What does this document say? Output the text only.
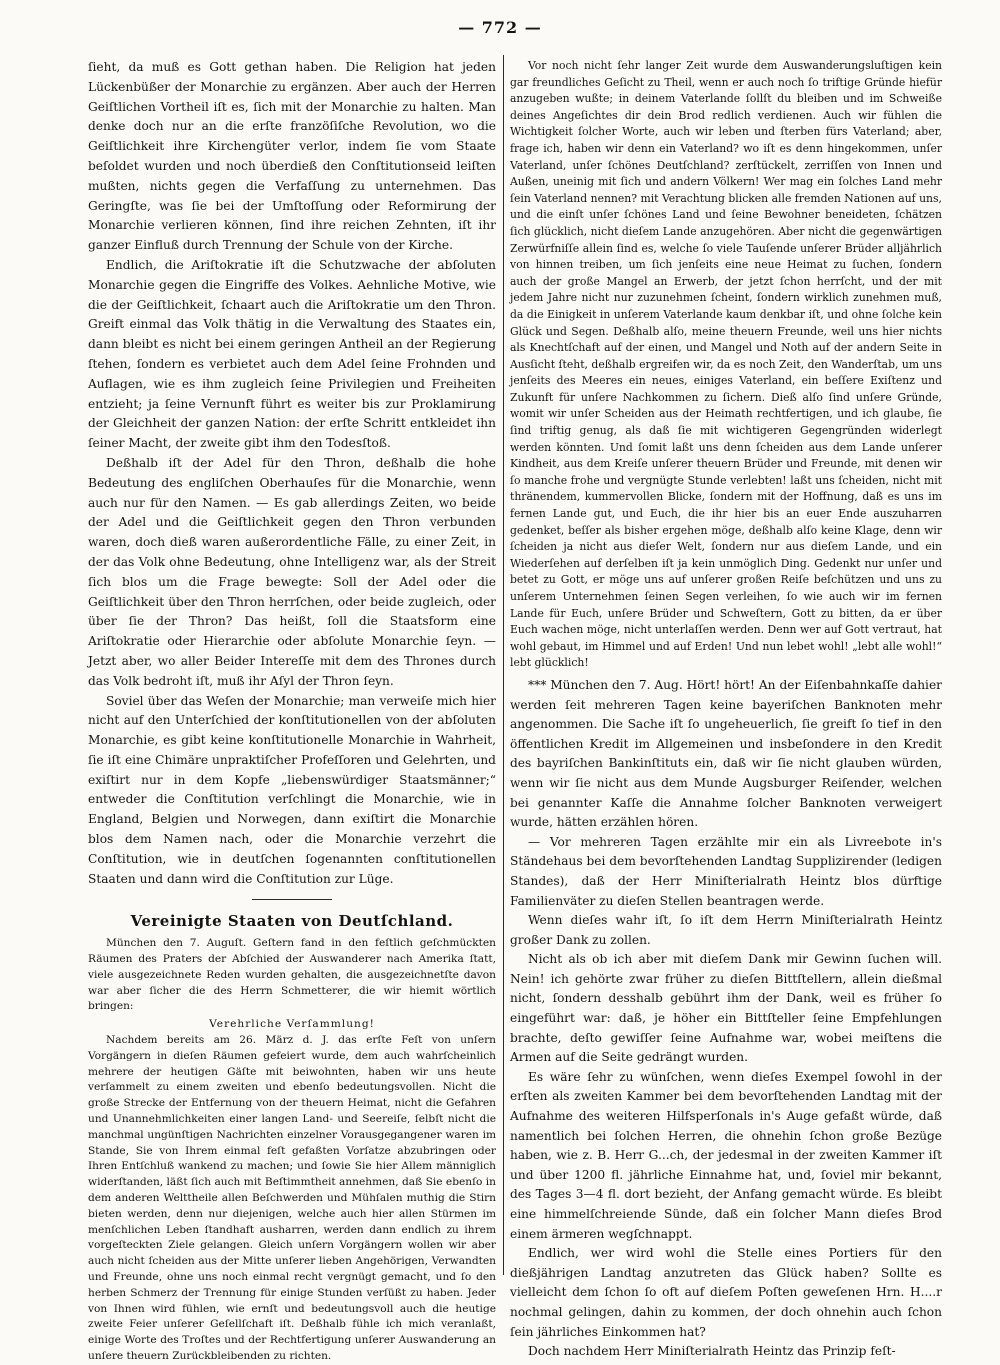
— 772 —

ſieht, da muß es Gott gethan haben. Die Religion hat jeden Lückenbüßer der Monarchie zu ergänzen. Aber auch der Herren Geiſtlichen Vortheil iſt es, ſich mit der Monarchie zu halten. Man denke doch nur an die erſte franzöſiſche Revolution, wo die Geiſtlichkeit ihre Kirchengüter verlor, indem ſie vom Staate beſoldet wurden und noch überdieß den Conſtitutionseid leiſten mußten, nichts gegen die Verfaſſung zu unternehmen. Das Geringſte, was ſie bei der Umſtoſſung oder Reformirung der Monarchie verlieren können, ſind ihre reichen Zehnten, iſt ihr ganzer Einfluß durch Trennung der Schule von der Kirche.

Endlich, die Ariſtokratie iſt die Schutzwache der abſoluten Monarchie gegen die Eingriffe des Volkes. Aehnliche Motive, wie die der Geiſtlichkeit, ſchaart auch die Ariſtokratie um den Thron. Greift einmal das Volk thätig in die Verwaltung des Staates ein, dann bleibt es nicht bei einem geringen Antheil an der Regierung ſtehen, ſondern es verbietet auch dem Adel ſeine Frohnden und Auflagen, wie es ihm zugleich ſeine Privilegien und Freiheiten entzieht; ja ſeine Vernunft führt es weiter bis zur Proklamirung der Gleichheit der ganzen Nation: der erſte Schritt entkleidet ihn ſeiner Macht, der zweite gibt ihm den Todesſtoß.

Deßhalb iſt der Adel für den Thron, deßhalb die hohe Bedeutung des engliſchen Oberhauſes für die Monarchie, wenn auch nur für den Namen. — Es gab allerdings Zeiten, wo beide der Adel und die Geiſtlichkeit gegen den Thron verbunden waren, doch dieß waren außerordentliche Fälle, zu einer Zeit, in der das Volk ohne Bedeutung, ohne Intelligenz war, als der Streit ſich blos um die Frage bewegte: Soll der Adel oder die Geiſtlichkeit über den Thron herrſchen, oder beide zugleich, oder über ſie der Thron? Das heißt, ſoll die Staatsform eine Ariſtokratie oder Hierarchie oder abſolute Monarchie ſeyn. — Jetzt aber, wo aller Beider Intereſſe mit dem des Thrones durch das Volk bedroht iſt, muß ihr Aſyl der Thron ſeyn.

Soviel über das Weſen der Monarchie; man verweiſe mich hier nicht auf den Unterſchied der konſtitutionellen von der abſoluten Monarchie, es gibt keine konſtitutionelle Monarchie in Wahrheit, ſie iſt eine Chimäre unpraktiſcher Profeſſoren und Gelehrten, und exiſtirt nur in dem Kopfe „liebenswürdiger Staatsmänner;“ entweder die Conſtitution verſchlingt die Monarchie, wie in England, Belgien und Norwegen, dann exiſtirt die Monarchie blos dem Namen nach, oder die Monarchie verzehrt die Conſtitution, wie in deutſchen ſogenannten conſtitutionellen Staaten und dann wird die Conſtitution zur Lüge.

Vereinigte Staaten von Deutſchland.

München den 7. Auguſt. Geſtern fand in den feſtlich geſchmückten Räumen des Praters der Abſchied der Auswanderer nach Amerika ſtatt, viele ausgezeichnete Reden wurden gehalten, die ausgezeichnetſte davon war aber ſicher die des Herrn Schmetterer, die wir hiemit wörtlich bringen:

Verehrliche Verſammlung!

Nachdem bereits am 26. März d. J. das erſte Feſt von unſern Vorgängern in dieſen Räumen gefeiert wurde, dem auch wahrſcheinlich mehrere der heutigen Gäſte mit beiwohnten, haben wir uns heute verſammelt zu einem zweiten und ebenſo bedeutungsvollen. Nicht die große Strecke der Entfernung von der theuern Heimat, nicht die Gefahren und Unannehmlichkeiten einer langen Land- und Seereiſe, ſelbſt nicht die manchmal ungünſtigen Nachrichten einzelner Vorausgegangener waren im Stande, Sie von Ihrem einmal feſt gefaßten Vorſatze abzubringen oder Ihren Entſchluß wankend zu machen; und ſowie Sie hier Allem männiglich widerſtanden, läßt ſich auch mit Beſtimmtheit annehmen, daß Sie ebenſo in dem anderen Welttheile allen Beſchwerden und Mühſalen muthig die Stirn bieten werden, denn nur diejenigen, welche auch hier allen Stürmen im menſchlichen Leben ſtandhaft ausharren, werden dann endlich zu ihrem vorgeſteckten Ziele gelangen. Gleich unſern Vorgängern wollen wir aber auch nicht ſcheiden aus der Mitte unſerer lieben Angehörigen, Verwandten und Freunde, ohne uns noch einmal recht vergnügt gemacht, und ſo den herben Schmerz der Trennung für einige Stunden verſüßt zu haben. Jeder von Ihnen wird fühlen, wie ernſt und bedeutungsvoll auch die heutige zweite Feier unſerer Geſellſchaft iſt. Deßhalb fühle ich mich veranlaßt, einige Worte des Troſtes und der Rechtfertigung unſerer Auswanderung an unſere theuern Zurückbleibenden zu richten.

Vor noch nicht ſehr langer Zeit wurde dem Auswanderungsluſtigen kein gar freundliches Geſicht zu Theil, wenn er auch noch ſo triftige Gründe hiefür anzugeben wußte; in deinem Vaterlande ſollſt du bleiben und im Schweiße deines Angeſichtes dir dein Brod redlich verdienen. Auch wir fühlen die Wichtigkeit ſolcher Worte, auch wir leben und ſterben fürs Vaterland; aber, frage ich, haben wir denn ein Vaterland? wo iſt es denn hingekommen, unſer Vaterland, unſer ſchönes Deutſchland? zerſtückelt, zerriſſen von Innen und Außen, uneinig mit ſich und andern Völkern! Wer mag ein ſolches Land mehr ſein Vaterland nennen? mit Verachtung blicken alle fremden Nationen auf uns, und die einſt unſer ſchönes Land und ſeine Bewohner beneideten, ſchätzen ſich glücklich, nicht dieſem Lande anzugehören. Aber nicht die gegenwärtigen Zerwürfniſſe allein ſind es, welche ſo viele Tauſende unſerer Brüder alljährlich von hinnen treiben, um ſich jenſeits eine neue Heimat zu ſuchen, ſondern auch der große Mangel an Erwerb, der jetzt ſchon herrſcht, und der mit jedem Jahre nicht nur zuzunehmen ſcheint, ſondern wirklich zunehmen muß, da die Einigkeit in unſerem Vaterlande kaum denkbar iſt, und ohne ſolche kein Glück und Segen. Deßhalb alſo, meine theuern Freunde, weil uns hier nichts als Knechtſchaft auf der einen, und Mangel und Noth auf der andern Seite in Ausſicht ſteht, deßhalb ergreifen wir, da es noch Zeit, den Wanderſtab, um uns jenſeits des Meeres ein neues, einiges Vaterland, ein beſſere Exiſtenz und Zukunft für unſere Nachkommen zu ſichern. Dieß alſo ſind unſere Gründe, womit wir unſer Scheiden aus der Heimath rechtfertigen, und ich glaube, ſie ſind triftig genug, als daß ſie mit wichtigeren Gegengründen widerlegt werden könnten. Und ſomit laßt uns denn ſcheiden aus dem Lande unſerer Kindheit, aus dem Kreiſe unſerer theuern Brüder und Freunde, mit denen wir ſo manche frohe und vergnügte Stunde verlebten! laßt uns ſcheiden, nicht mit thränendem, kummervollen Blicke, ſondern mit der Hoffnung, daß es uns im fernen Lande gut, und Euch, die ihr hier bis an euer Ende auszuharren gedenket, beſſer als bisher ergehen möge, deßhalb alſo keine Klage, denn wir ſcheiden ja nicht aus dieſer Welt, ſondern nur aus dieſem Lande, und ein Wiederſehen auf derſelben iſt ja kein unmöglich Ding. Gedenkt nur unſer und betet zu Gott, er möge uns auf unſerer großen Reiſe beſchützen und uns zu unſerem Unternehmen ſeinen Segen verleihen, ſo wie auch wir im fernen Lande für Euch, unſere Brüder und Schweſtern, Gott zu bitten, da er über Euch wachen möge, nicht unterlaſſen werden. Denn wer auf Gott vertraut, hat wohl gebaut, im Himmel und auf Erden! Und nun lebet wohl! „lebt alle wohl!“ lebt glücklich!

*** München den 7. Aug. Hört! hört! An der Eiſenbahnkaſſe dahier werden ſeit mehreren Tagen keine bayeriſchen Banknoten mehr angenommen. Die Sache iſt ſo ungeheuerlich, ſie greift ſo tief in den öffentlichen Kredit im Allgemeinen und insbeſondere in den Kredit des bayriſchen Bankinſtituts ein, daß wir ſie nicht glauben würden, wenn wir ſie nicht aus dem Munde Augsburger Reiſender, welchen bei genannter Kaſſe die Annahme ſolcher Banknoten verweigert wurde, hätten erzählen hören.

— Vor mehreren Tagen erzählte mir ein als Livreebote in's Ständehaus bei dem bevorſtehenden Landtag Supplizirender (ledigen Standes), daß der Herr Miniſterialrath Heintz blos dürftige Familienväter zu dieſen Stellen beantragen werde.

Wenn dieſes wahr iſt, ſo iſt dem Herrn Miniſterialrath Heintz großer Dank zu zollen.

Nicht als ob ich aber mit dieſem Dank mir Gewinn ſuchen will. Nein! ich gehörte zwar früher zu dieſen Bittſtellern, allein dießmal nicht, ſondern desshalb gebührt ihm der Dank, weil es früher ſo eingeführt war: daß, je höher ein Bittſteller ſeine Empfehlungen brachte, deſto gewiſſer ſeine Aufnahme war, wobei meiſtens die Armen auf die Seite gedrängt wurden.

Es wäre ſehr zu wünſchen, wenn dieſes Exempel ſowohl in der erſten als zweiten Kammer bei dem bevorſtehenden Landtag mit der Aufnahme des weiteren Hilfsperſonals in's Auge gefaßt würde, daß namentlich bei ſolchen Herren, die ohnehin ſchon große Bezüge haben, wie z. B. Herr G...ch, der jedesmal in der zweiten Kammer iſt und über 1200 fl. jährliche Einnahme hat, und, ſoviel mir bekannt, des Tages 3—4 fl. dort bezieht, der Anfang gemacht würde. Es bleibt eine himmelſchreiende Sünde, daß ein ſolcher Mann dieſes Brod einem ärmeren wegſchnappt.

Endlich, wer wird wohl die Stelle eines Portiers für den dießjährigen Landtag anzutreten das Glück haben? Sollte es vielleicht dem ſchon ſo oft auf dieſem Poſten geweſenen Hrn. H....r nochmal gelingen, dahin zu kommen, der doch ohnehin auch ſchon ſein jährliches Einkommen hat?

Doch nachdem Herr Miniſterialrath Heintz das Prinzip feſt-
